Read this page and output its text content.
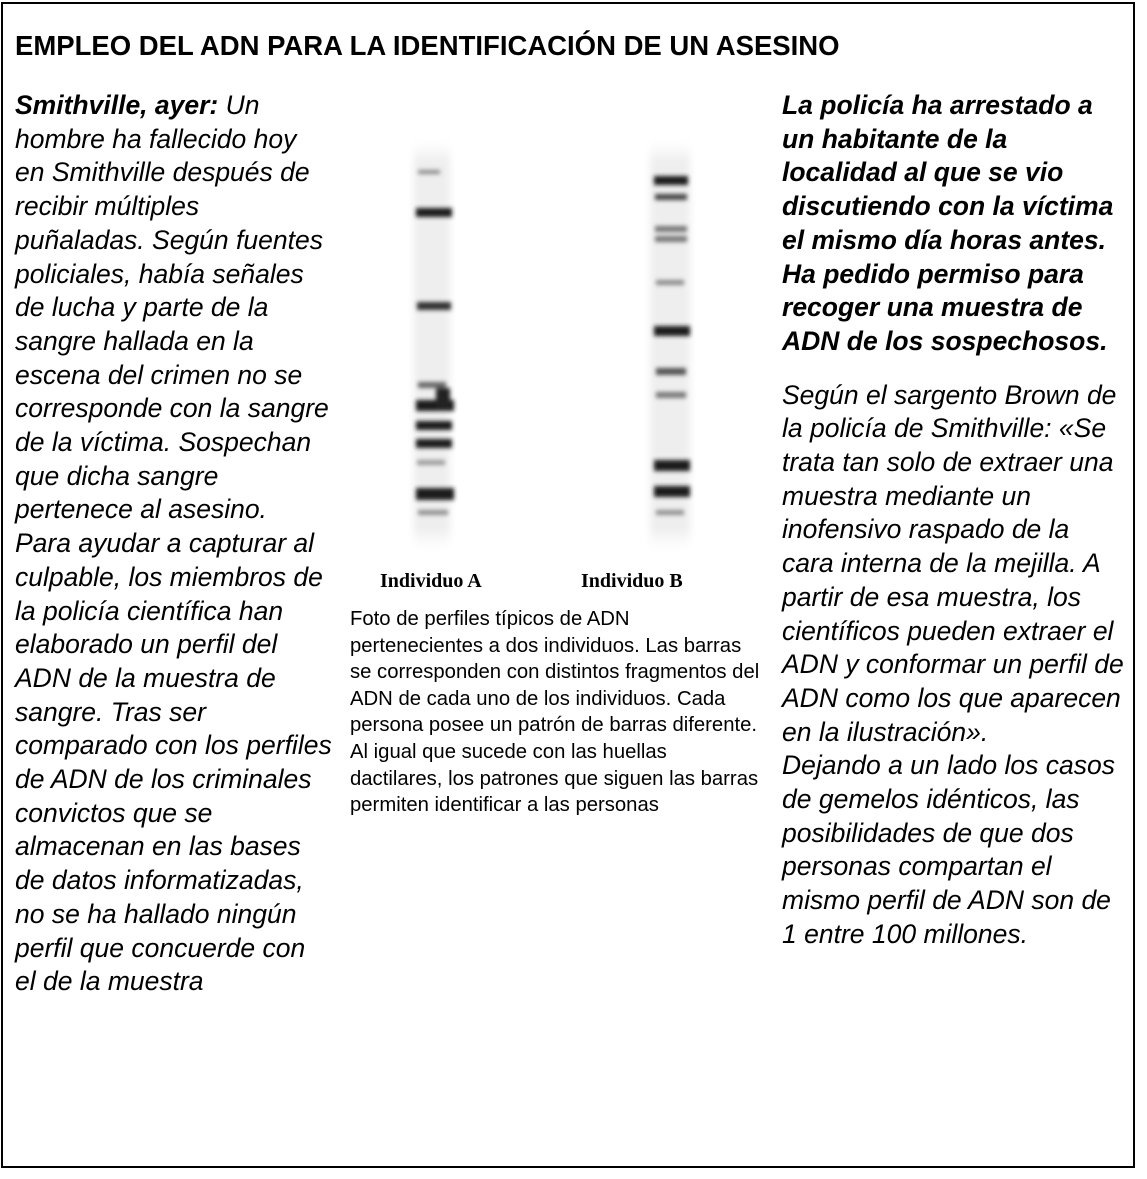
EMPLEO DEL ADN PARA LA IDENTIFICACIÓN DE UN ASESINO

Smithville, ayer: Un hombre ha fallecido hoy en Smithville después de recibir múltiples puñaladas. Según fuentes policiales, había señales de lucha y parte de la sangre hallada en la escena del crimen no se corresponde con la sangre de la víctima. Sospechan que dicha sangre pertenece al asesino.

Para ayudar a capturar al culpable, los miembros de la policía científica han elaborado un perfil del ADN de la muestra de sangre. Tras ser comparado con los perfiles de ADN de los criminales convictos que se almacenan en las bases de datos informatizadas, no se ha hallado ningún perfil que concuerde con el de la muestra

Individuo A	Individuo B
Foto de perfiles típicos de ADN pertenecientes a dos individuos. Las barras se corresponden con distintos fragmentos del ADN de cada uno de los individuos. Cada persona posee un patrón de barras diferente. Al igual que sucede con las huellas dactilares, los patrones que siguen las barras permiten identificar a las personas

La policía ha arrestado a un habitante de la localidad al que se vio discutiendo con la víctima el mismo día horas antes. Ha pedido permiso para recoger una muestra de ADN de los sospechosos.

Según el sargento Brown de la policía de Smithville: «Se trata tan solo de extraer una muestra mediante un inofensivo raspado de la cara interna de la mejilla. A partir de esa muestra, los científicos pueden extraer el ADN y conformar un perfil de ADN como los que aparecen en la ilustración».

Dejando a un lado los casos de gemelos idénticos, las posibilidades de que dos personas compartan el mismo perfil de ADN son de 1 entre 100 millones.
